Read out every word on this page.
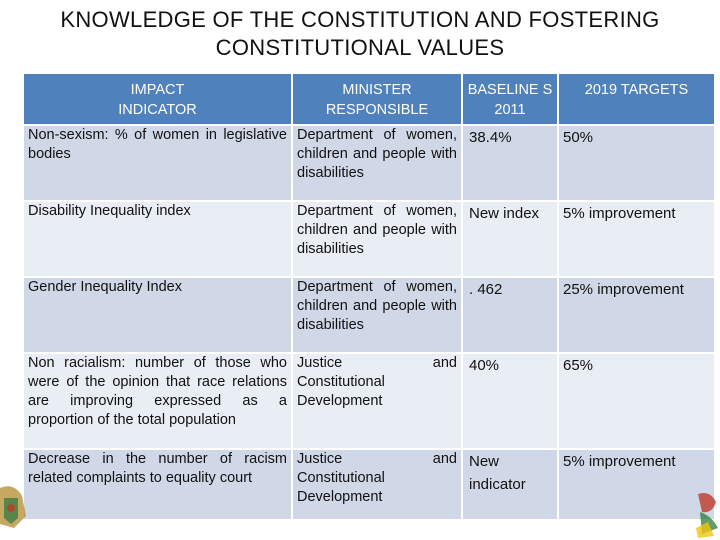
KNOWLEDGE OF THE CONSTITUTION AND FOSTERING
CONSTITUTIONAL VALUES
IMPACT INDICATOR	MINISTER RESPONSIBLE	BASELINE S 2011	2019 TARGETS
Non-sexism: % of women in legislative bodies	Department of women, children and people with disabilities	38.4%	50%
Disability Inequality index	Department of women, children and people with disabilities	New index	5% improvement
Gender Inequality Index	Department of women, children and people with disabilities	. 462	25% improvement
Non racialism: number of those who were of the opinion that race relations are improving expressed as a proportion of the total population	Justice and Constitutional Development	40%	65%
Decrease in the number of racism related complaints to equality court	Justice and Constitutional Development	New indicator	5% improvement
